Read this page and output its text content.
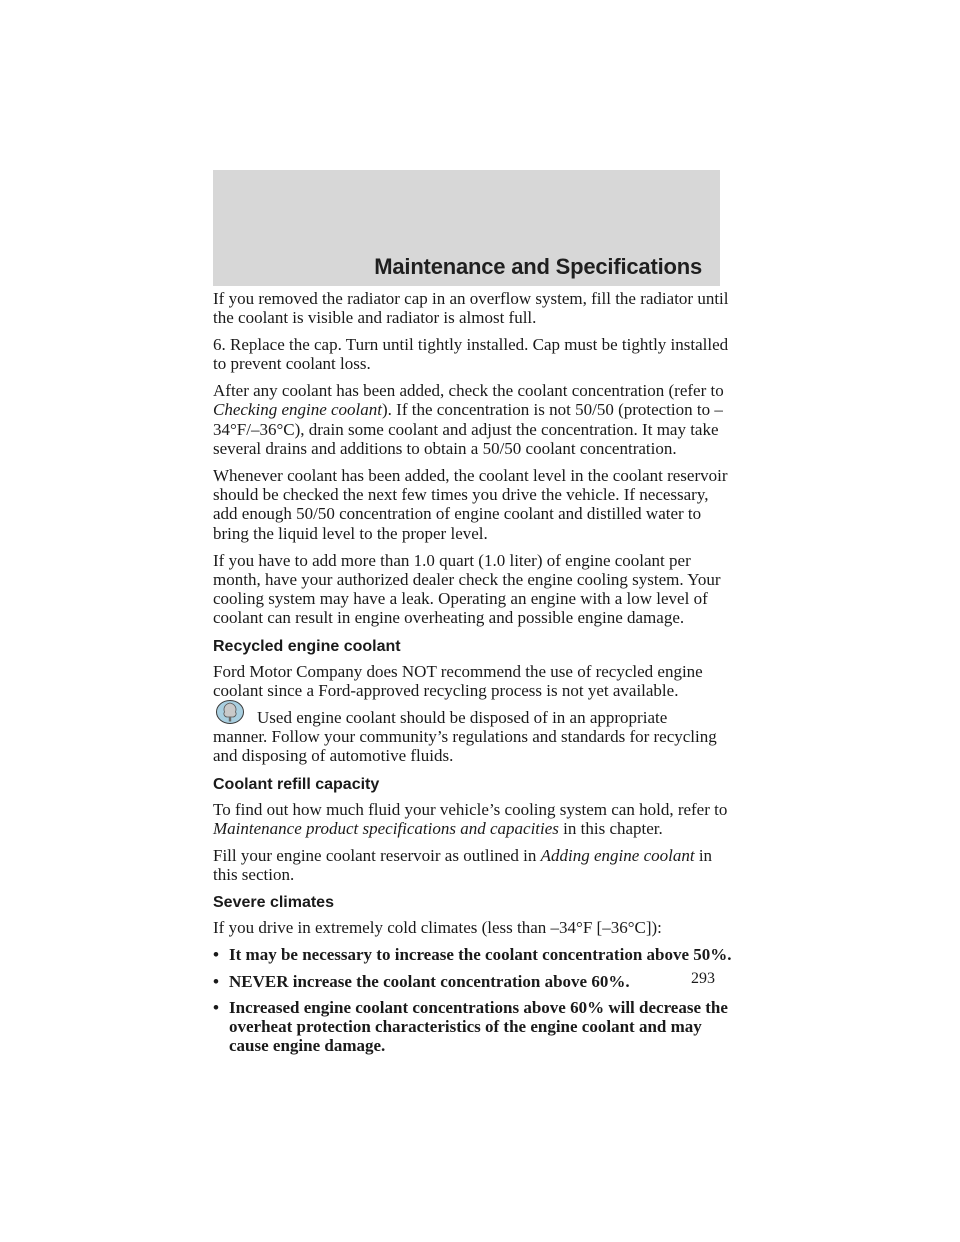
Maintenance and Specifications

If you removed the radiator cap in an overflow system, fill the radiator until the coolant is visible and radiator is almost full.

6. Replace the cap. Turn until tightly installed. Cap must be tightly installed to prevent coolant loss.

After any coolant has been added, check the coolant concentration (refer to Checking engine coolant). If the concentration is not 50/50 (protection to –34°F/–36°C), drain some coolant and adjust the concentration. It may take several drains and additions to obtain a 50/50 coolant concentration.

Whenever coolant has been added, the coolant level in the coolant reservoir should be checked the next few times you drive the vehicle. If necessary, add enough 50/50 concentration of engine coolant and distilled water to bring the liquid level to the proper level.

If you have to add more than 1.0 quart (1.0 liter) of engine coolant per month, have your authorized dealer check the engine cooling system. Your cooling system may have a leak. Operating an engine with a low level of coolant can result in engine overheating and possible engine damage.

Recycled engine coolant

Ford Motor Company does NOT recommend the use of recycled engine coolant since a Ford-approved recycling process is not yet available.

Used engine coolant should be disposed of in an appropriate
manner. Follow your community’s regulations and standards for recycling and disposing of automotive fluids.

Coolant refill capacity

To find out how much fluid your vehicle’s cooling system can hold, refer to Maintenance product specifications and capacities in this chapter.

Fill your engine coolant reservoir as outlined in Adding engine coolant in this section.

Severe climates

If you drive in extremely cold climates (less than –34°F [–36°C]):

• It may be necessary to increase the coolant concentration above 50%.
• NEVER increase the coolant concentration above 60%.
• Increased engine coolant concentrations above 60% will decrease the overheat protection characteristics of the engine coolant and may cause engine damage.
293
